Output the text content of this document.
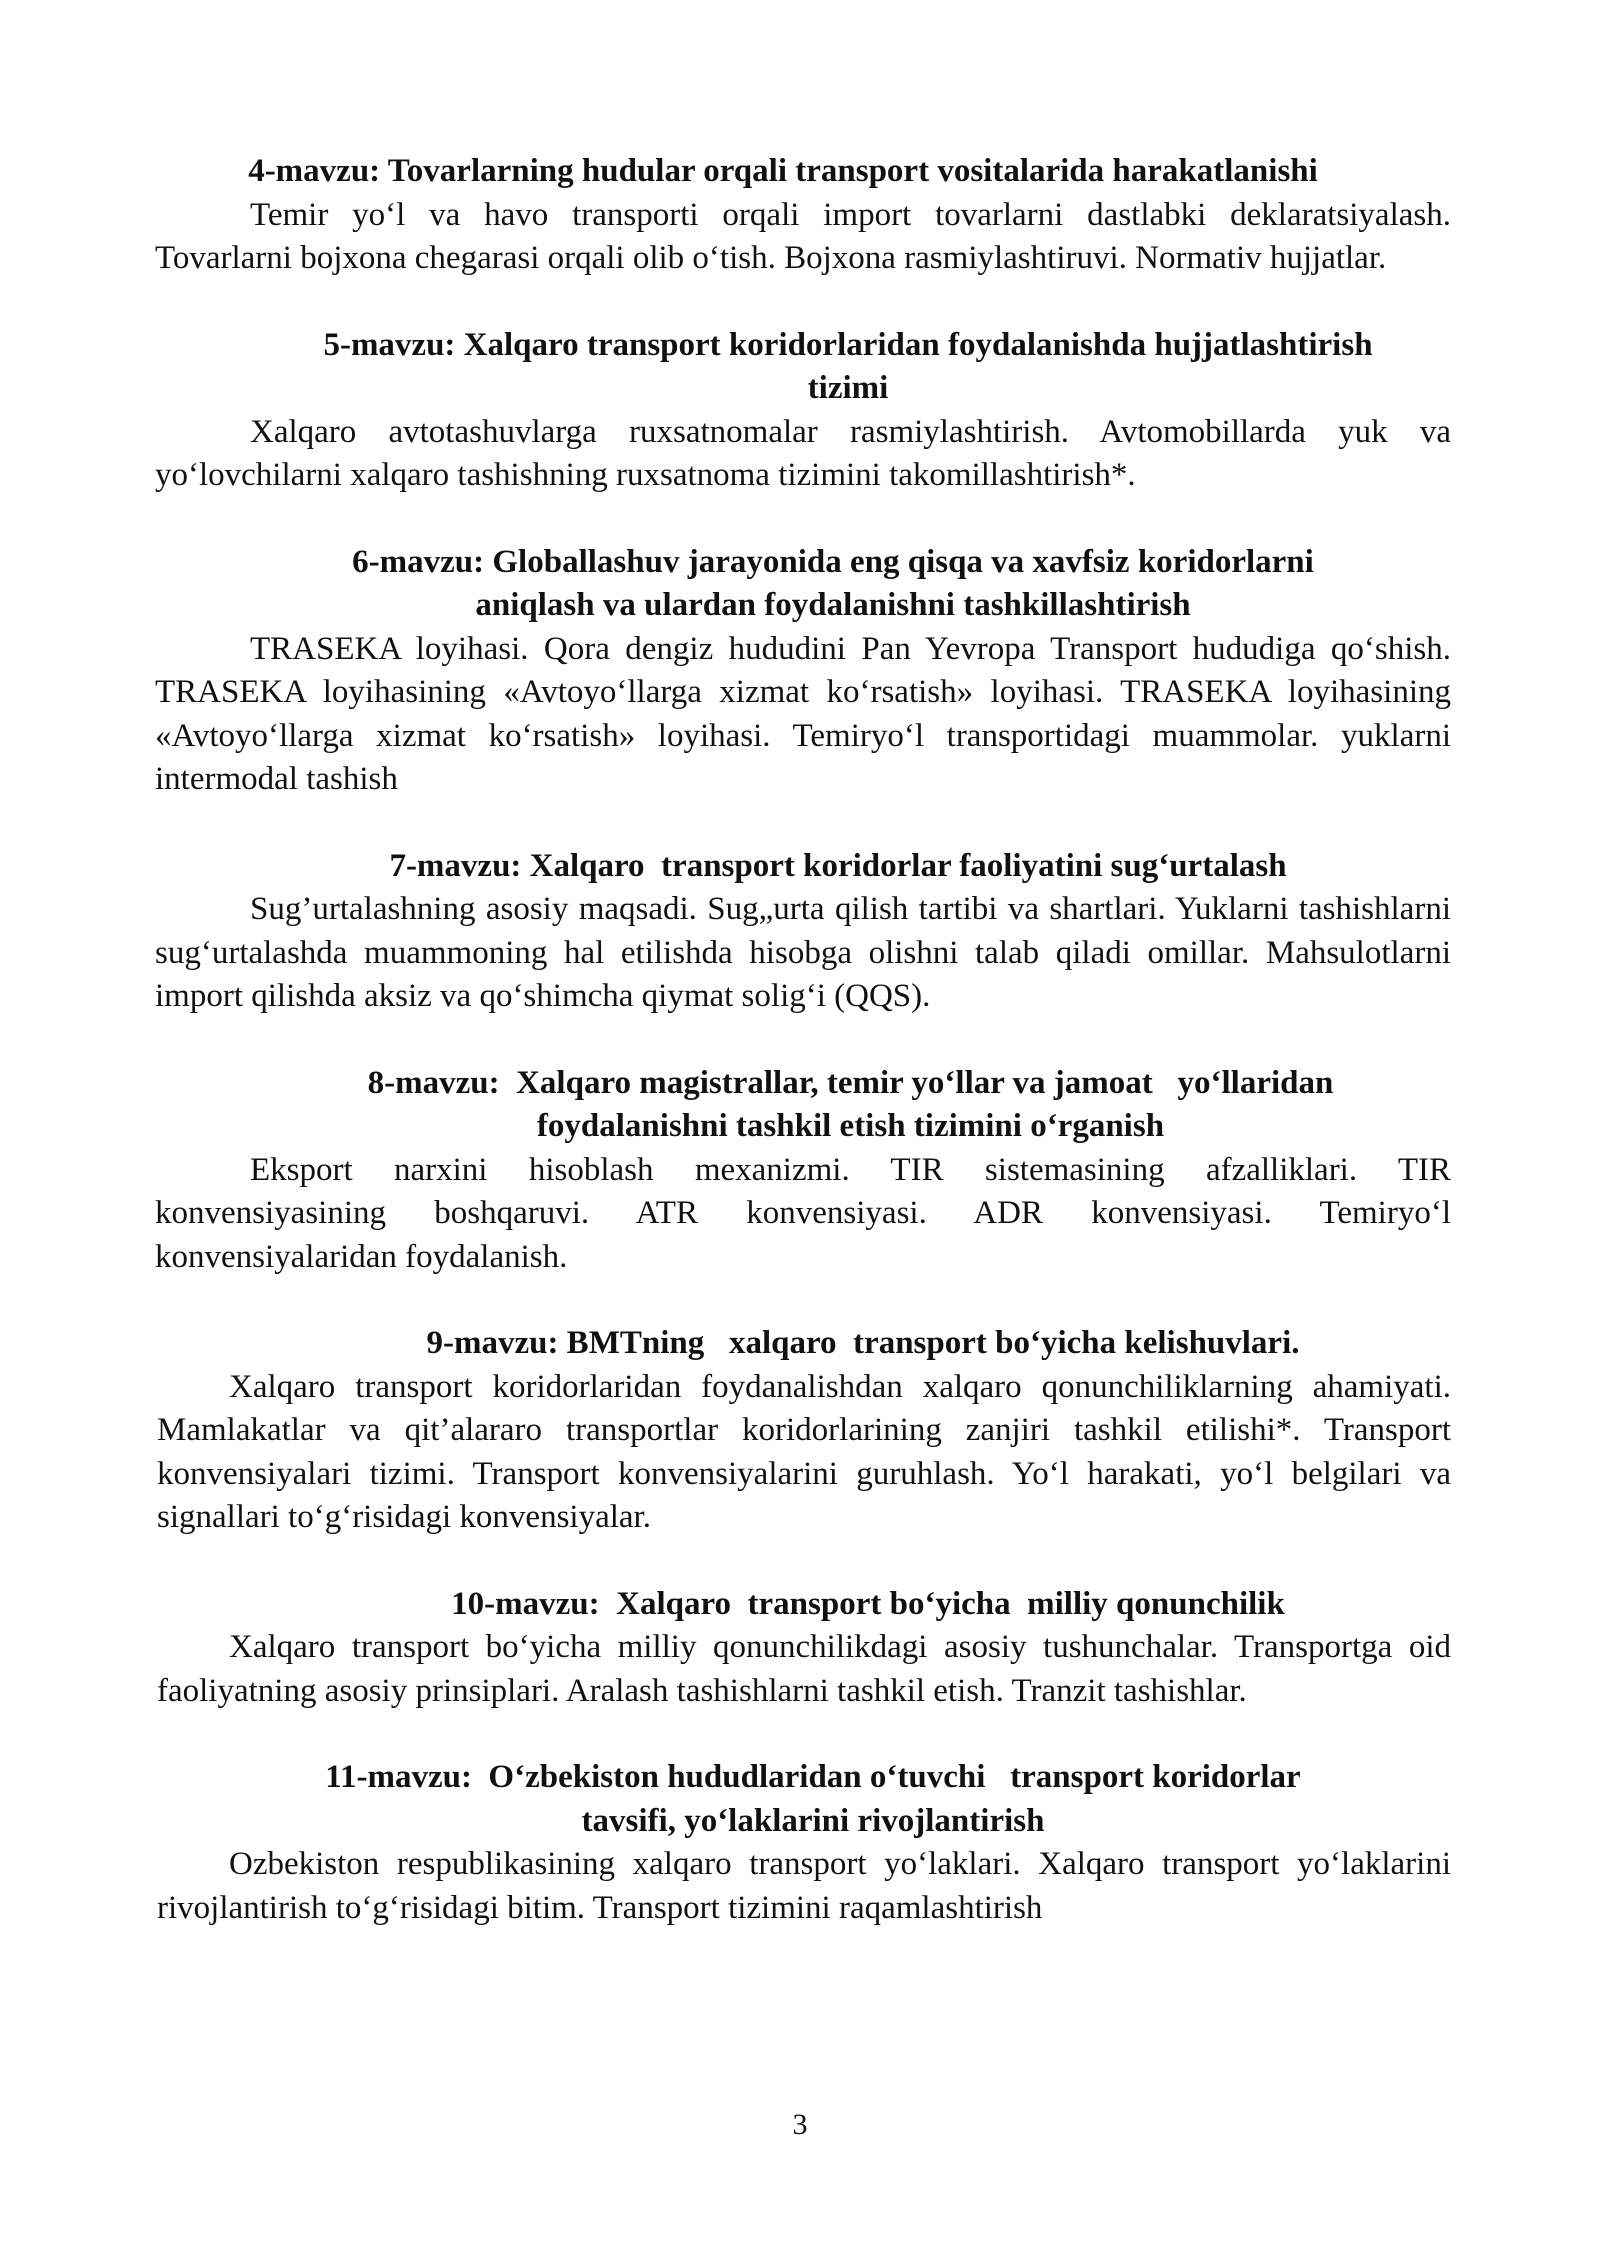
4-mavzu: Tovarlarning hudular orqali transport vositalarida harakatlanishi

Temir yo‘l va havo transporti orqali import tovarlarni dastlabki deklaratsiyalash. Tovarlarni bojxona chegarasi orqali olib o‘tish. Bojxona rasmiylashtiruvi. Normativ hujjatlar.

5-mavzu: Xalqaro transport koridorlaridan foydalanishda hujjatlashtirish
tizimi

Xalqaro avtotashuvlarga ruxsatnomalar rasmiylashtirish. Avtomobillarda yuk va yo‘lovchilarni xalqaro tashishning ruxsatnoma tizimini takomillashtirish*.

6-mavzu: Globallashuv jarayonida eng qisqa va xavfsiz koridorlarni
aniqlash va ulardan foydalanishni tashkillashtirish

TRASEKA loyihasi. Qora dengiz hududini Pan Yevropa Transport hududiga qo‘shish. TRASEKA loyihasining «Avtoyo‘llarga xizmat ko‘rsatish» loyihasi. TRASEKA loyihasining «Avtoyo‘llarga xizmat ko‘rsatish» loyihasi. Temiryo‘l transportidagi muammolar. yuklarni intermodal tashish

7-mavzu: Xalqaro  transport koridorlar faoliyatini sug‘urtalash

Sug’urtalashning asosiy maqsadi. Sug„urta qilish tartibi va shartlari. Yuklarni tashishlarni sug‘urtalashda muammoning hal etilishda hisobga olishni talab qiladi omillar. Mahsulotlarni import qilishda aksiz va qo‘shimcha qiymat solig‘i (QQS).

8-mavzu:  Xalqaro magistrallar, temir yo‘llar va jamoat   yo‘llaridan
foydalanishni tashkil etish tizimini o‘rganish

Eksport narxini hisoblash mexanizmi. TIR sistemasining afzalliklari. TIR konvensiyasining boshqaruvi. ATR konvensiyasi. ADR konvensiyasi. Temiryo‘l konvensiyalaridan foydalanish.

9-mavzu: BMTning   xalqaro  transport bo‘yicha kelishuvlari.

Xalqaro transport koridorlaridan foydanalishdan xalqaro qonunchiliklarning ahamiyati. Mamlakatlar va qit’alararo transportlar koridorlarining zanjiri tashkil etilishi*. Transport konvensiyalari tizimi. Transport konvensiyalarini guruhlash. Yo‘l harakati, yo‘l belgilari va signallari to‘g‘risidagi konvensiyalar.

10-mavzu:  Xalqaro  transport bo‘yicha  milliy qonunchilik

Xalqaro transport bo‘yicha milliy qonunchilikdagi asosiy tushunchalar. Transportga oid faoliyatning asosiy prinsiplari. Aralash tashishlarni tashkil etish. Tranzit tashishlar.

11-mavzu:  O‘zbekiston hududlaridan o‘tuvchi   transport koridorlar
tavsifi, yo‘laklarini rivojlantirish

Ozbekiston respublikasining xalqaro transport yo‘laklari. Xalqaro transport yo‘laklarini rivojlantirish to‘g‘risidagi bitim. Transport tizimini raqamlashtirish

3
